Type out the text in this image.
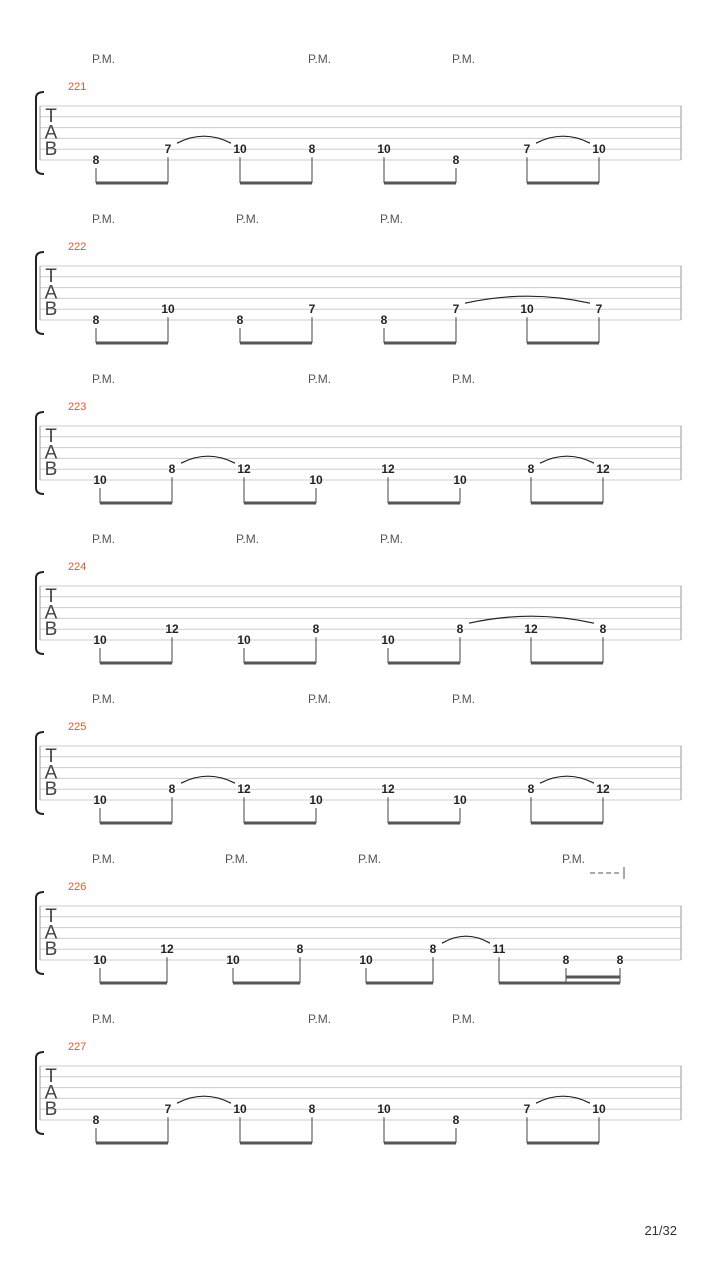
21/32
T
A
B
221
P.M.	P.M.	P.M.
8
7	10	8	10
8
7	10
T
A
B
222
P.M.	P.M.	P.M.
8
10
8
7
8
7	10	7
T
A
B
223
P.M.	P.M.	P.M.
10
8	12
10
12
10
8	12
T
A
B
224
P.M.	P.M.	P.M.
10
12
10
8
10
8	12	8
T
A
B
225
P.M.	P.M.	P.M.
10
8	12
10
12
10
8	12
T
A
B
226
P.M.	P.M.	P.M.	P.M.
10
12
10
8
10
8	11
8	8
T
A
B
227
P.M.	P.M.	P.M.
8
7	10	8	10
8
7	10
